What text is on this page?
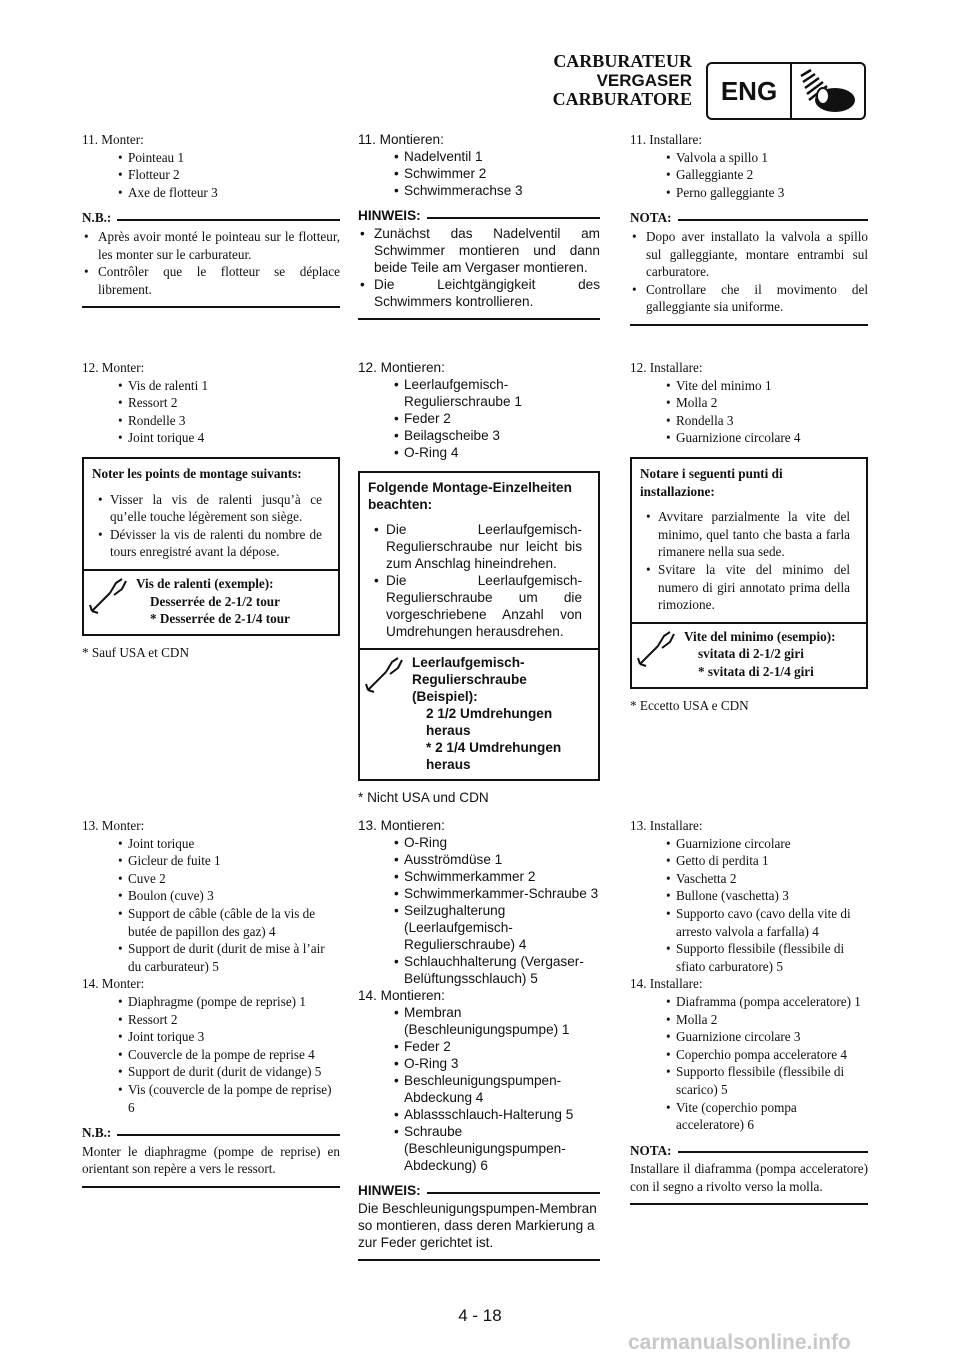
CARBURATEUR
VERGASER
CARBURATORE	ENG

11. Monter:

• Pointeau 1

• Flotteur 2

• Axe de flotteur 3

N.B.:

• Après avoir monté le pointeau sur le flotteur, les monter sur le carburateur.

• Contrôler que le flotteur se déplace librement.

12. Monter:

• Vis de ralenti 1

• Ressort 2

• Rondelle 3

• Joint torique 4

Noter les points de montage suivants:

• Visser la vis de ralenti jusqu’à ce qu’elle touche légèrement son siège.

• Dévisser la vis de ralenti du nombre de tours enregistré avant la dépose.

Vis de ralenti (exemple):
Desserrée de 2-1/2 tour
* Desserrée de 2-1/4 tour
* Sauf USA et CDN

13. Monter:

• Joint torique

• Gicleur de fuite 1

• Cuve 2

• Boulon (cuve) 3

• Support de câble (câble de la vis de butée de papillon des gaz) 4

• Support de durit (durit de mise à l’air du carburateur) 5

14. Monter:

• Diaphragme (pompe de reprise) 1

• Ressort 2

• Joint torique 3

• Couvercle de la pompe de reprise 4

• Support de durit (durit de vidange) 5

• Vis (couvercle de la pompe de reprise) 6

N.B.:

Monter le diaphragme (pompe de reprise) en orientant son repère a vers le ressort.

11. Montieren:

• Nadelventil 1

• Schwimmer 2

• Schwimmerachse 3

HINWEIS:

• Zunächst das Nadelventil am Schwimmer montieren und dann beide Teile am Vergaser montieren.

• Die Leichtgängigkeit des Schwimmers kontrollieren.

12. Montieren:

• Leerlaufgemisch-Regulierschraube 1

• Feder 2

• Beilagscheibe 3

• O-Ring 4

Folgende Montage-Einzelheiten beachten:

• Die Leerlaufgemisch-Regulierschraube nur leicht bis zum Anschlag hineindrehen.

• Die Leerlaufgemisch-Regulierschraube um die vorgeschriebene Anzahl von Umdrehungen herausdrehen.

Leerlaufgemisch-Regulierschraube (Beispiel):
2 1/2 Umdrehungen heraus
* 2 1/4 Umdrehungen heraus
* Nicht USA und CDN

13. Montieren:

• O-Ring

• Ausströmdüse 1

• Schwimmerkammer 2

• Schwimmerkammer-Schraube 3

• Seilzughalterung (Leerlaufgemisch-Regulierschraube) 4

• Schlauchhalterung (Vergaser-Belüftungsschlauch) 5

14. Montieren:

• Membran (Beschleunigungspumpe) 1

• Feder 2

• O-Ring 3

• Beschleunigungspumpen-Abdeckung 4

• Ablassschlauch-Halterung 5

• Schraube (Beschleunigungspumpen-Abdeckung) 6

HINWEIS:

Die Beschleunigungspumpen-Membran so montieren, dass deren Markierung a zur Feder gerichtet ist.

11. Installare:

• Valvola a spillo 1

• Galleggiante 2

• Perno galleggiante 3

NOTA:

• Dopo aver installato la valvola a spillo sul galleggiante, montare entrambi sul carburatore.

• Controllare che il movimento del galleggiante sia uniforme.

12. Installare:

• Vite del minimo 1

• Molla 2

• Rondella 3

• Guarnizione circolare 4

Notare i seguenti punti di installazione:

• Avvitare parzialmente la vite del minimo, quel tanto che basta a farla rimanere nella sua sede.

• Svitare la vite del minimo del numero di giri annotato prima della rimozione.

Vite del minimo (esempio):
svitata di 2-1/2 giri
* svitata di 2-1/4 giri
* Eccetto USA e CDN

13. Installare:

• Guarnizione circolare

• Getto di perdita 1

• Vaschetta 2

• Bullone (vaschetta) 3

• Supporto cavo (cavo della vite di arresto valvola a farfalla) 4

• Supporto flessibile (flessibile di sfiato carburatore) 5

14. Installare:

• Diaframma (pompa acceleratore) 1

• Molla 2

• Guarnizione circolare 3

• Coperchio pompa acceleratore 4

• Supporto flessibile (flessibile di scarico) 5

• Vite (coperchio pompa acceleratore) 6

NOTA:

Installare il diaframma (pompa acceleratore) con il segno a rivolto verso la molla.

4 - 18
carmanualsonline.info
